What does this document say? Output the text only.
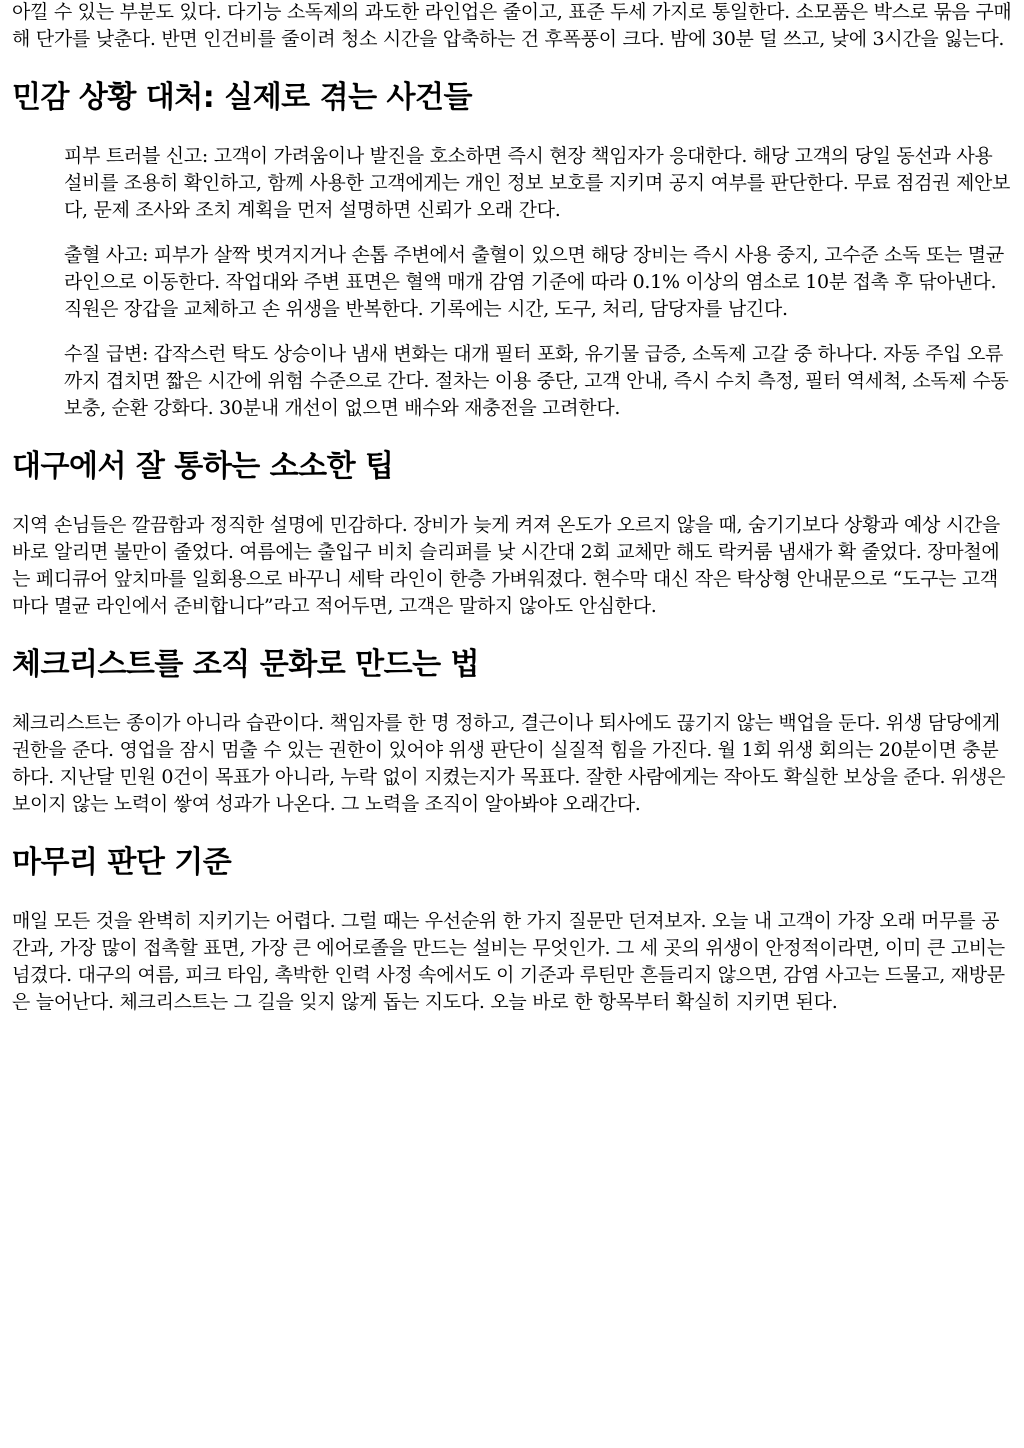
아낄 수 있는 부분도 있다. 다기능 소독제의 과도한 라인업은 줄이고, 표준 두세 가지로 통일한다. 소모품은 박스로 묶음 구매해 단가를 낮춘다. 반면 인건비를 줄이려 청소 시간을 압축하는 건 후폭풍이 크다. 밤에 30분 덜 쓰고, 낮에 3시간을 잃는다.

민감 상황 대처: 실제로 겪는 사건들

피부 트러블 신고: 고객이 가려움이나 발진을 호소하면 즉시 현장 책임자가 응대한다. 해당 고객의 당일 동선과 사용 설비를 조용히 확인하고, 함께 사용한 고객에게는 개인 정보 보호를 지키며 공지 여부를 판단한다. 무료 점검권 제안보다, 문제 조사와 조치 계획을 먼저 설명하면 신뢰가 오래 간다.

출혈 사고: 피부가 살짝 벗겨지거나 손톱 주변에서 출혈이 있으면 해당 장비는 즉시 사용 중지, 고수준 소독 또는 멸균 라인으로 이동한다. 작업대와 주변 표면은 혈액 매개 감염 기준에 따라 0.1% 이상의 염소로 10분 접촉 후 닦아낸다. 직원은 장갑을 교체하고 손 위생을 반복한다. 기록에는 시간, 도구, 처리, 담당자를 남긴다.

수질 급변: 갑작스런 탁도 상승이나 냄새 변화는 대개 필터 포화, 유기물 급증, 소독제 고갈 중 하나다. 자동 주입 오류까지 겹치면 짧은 시간에 위험 수준으로 간다. 절차는 이용 중단, 고객 안내, 즉시 수치 측정, 필터 역세척, 소독제 수동 보충, 순환 강화다. 30분내 개선이 없으면 배수와 재충전을 고려한다.

대구에서 잘 통하는 소소한 팁

지역 손님들은 깔끔함과 정직한 설명에 민감하다. 장비가 늦게 켜져 온도가 오르지 않을 때, 숨기기보다 상황과 예상 시간을 바로 알리면 불만이 줄었다. 여름에는 출입구 비치 슬리퍼를 낮 시간대 2회 교체만 해도 락커룸 냄새가 확 줄었다. 장마철에는 페디큐어 앞치마를 일회용으로 바꾸니 세탁 라인이 한층 가벼워졌다. 현수막 대신 작은 탁상형 안내문으로 “도구는 고객마다 멸균 라인에서 준비합니다”라고 적어두면, 고객은 말하지 않아도 안심한다.

체크리스트를 조직 문화로 만드는 법

체크리스트는 종이가 아니라 습관이다. 책임자를 한 명 정하고, 결근이나 퇴사에도 끊기지 않는 백업을 둔다. 위생 담당에게 권한을 준다. 영업을 잠시 멈출 수 있는 권한이 있어야 위생 판단이 실질적 힘을 가진다. 월 1회 위생 회의는 20분이면 충분하다. 지난달 민원 0건이 목표가 아니라, 누락 없이 지켰는지가 목표다. 잘한 사람에게는 작아도 확실한 보상을 준다. 위생은 보이지 않는 노력이 쌓여 성과가 나온다. 그 노력을 조직이 알아봐야 오래간다.

마무리 판단 기준

매일 모든 것을 완벽히 지키기는 어렵다. 그럴 때는 우선순위 한 가지 질문만 던져보자. 오늘 내 고객이 가장 오래 머무를 공간과, 가장 많이 접촉할 표면, 가장 큰 에어로졸을 만드는 설비는 무엇인가. 그 세 곳의 위생이 안정적이라면, 이미 큰 고비는 넘겼다. 대구의 여름, 피크 타임, 촉박한 인력 사정 속에서도 이 기준과 루틴만 흔들리지 않으면, 감염 사고는 드물고, 재방문은 늘어난다. 체크리스트는 그 길을 잊지 않게 돕는 지도다. 오늘 바로 한 항목부터 확실히 지키면 된다.
